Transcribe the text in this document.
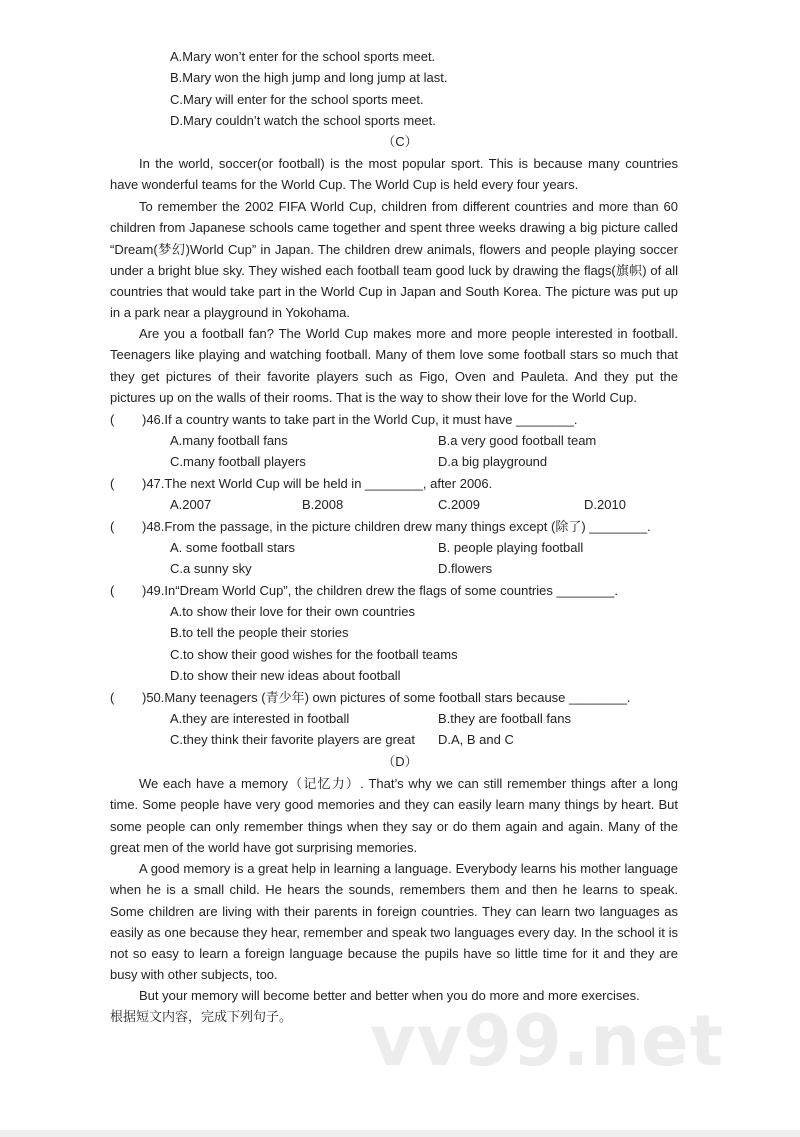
A.Mary won’t enter for the school sports meet.
B.Mary won the high jump and long jump at last.
C.Mary will enter for the school sports meet.
D.Mary couldn’t watch the school sports meet.
（C）

In the world, soccer(or football) is the most popular sport. This is because many countries have wonderful teams for the World Cup. The World Cup is held every four years.

To remember the 2002 FIFA World Cup, children from different countries and more than 60 children from Japanese schools came together and spent three weeks drawing a big picture called “Dream(梦幻)World Cup” in Japan. The children drew animals, flowers and people playing soccer under a bright blue sky. They wished each football team good luck by drawing the flags(旗帜) of all countries that would take part in the World Cup in Japan and South Korea. The picture was put up in a park near a playground in Yokohama.

Are you a football fan? The World Cup makes more and more people interested in football. Teenagers like playing and watching football. Many of them love some football stars so much that they get pictures of their favorite players such as Figo, Oven and Pauleta. And they put the pictures up on the walls of their rooms. That is the way to show their love for the World Cup.

( )46.If a country wants to take part in the World Cup, it must have ________.
A.many football fans	B.a very good football team
C.many football players	D.a big playground
( )47.The next World Cup will be held in ________, after 2006.
A.2007	B.2008	C.2009	D.2010
( )48.From the passage, in the picture children drew many things except (除了) ________.
A. some football stars	B. people playing football
C.a sunny sky	D.flowers
( )49.In“Dream World Cup”, the children drew the flags of some countries ________.
A.to show their love for their own countries
B.to tell the people their stories
C.to show their good wishes for the football teams
D.to show their new ideas about football
( )50.Many teenagers (青少年) own pictures of some football stars because ________.
A.they are interested in football	B.they are football fans
C.they think their favorite players are great D.A, B and C
（D）

We each have a memory（记忆力）. That’s why we can still remember things after a long time. Some people have very good memories and they can easily learn many things by heart. But some people can only remember things when they say or do them again and again. Many of the great men of the world have got surprising memories.

A good memory is a great help in learning a language. Everybody learns his mother language when he is a small child. He hears the sounds, remembers them and then he learns to speak. Some children are living with their parents in foreign countries. They can learn two languages as easily as one because they hear, remember and speak two languages every day. In the school it is not so easy to learn a foreign language because the pupils have so little time for it and they are busy with other subjects, too.

But your memory will become better and better when you do more and more exercises.

根据短文内容，完成下列句子。 vv99.net
